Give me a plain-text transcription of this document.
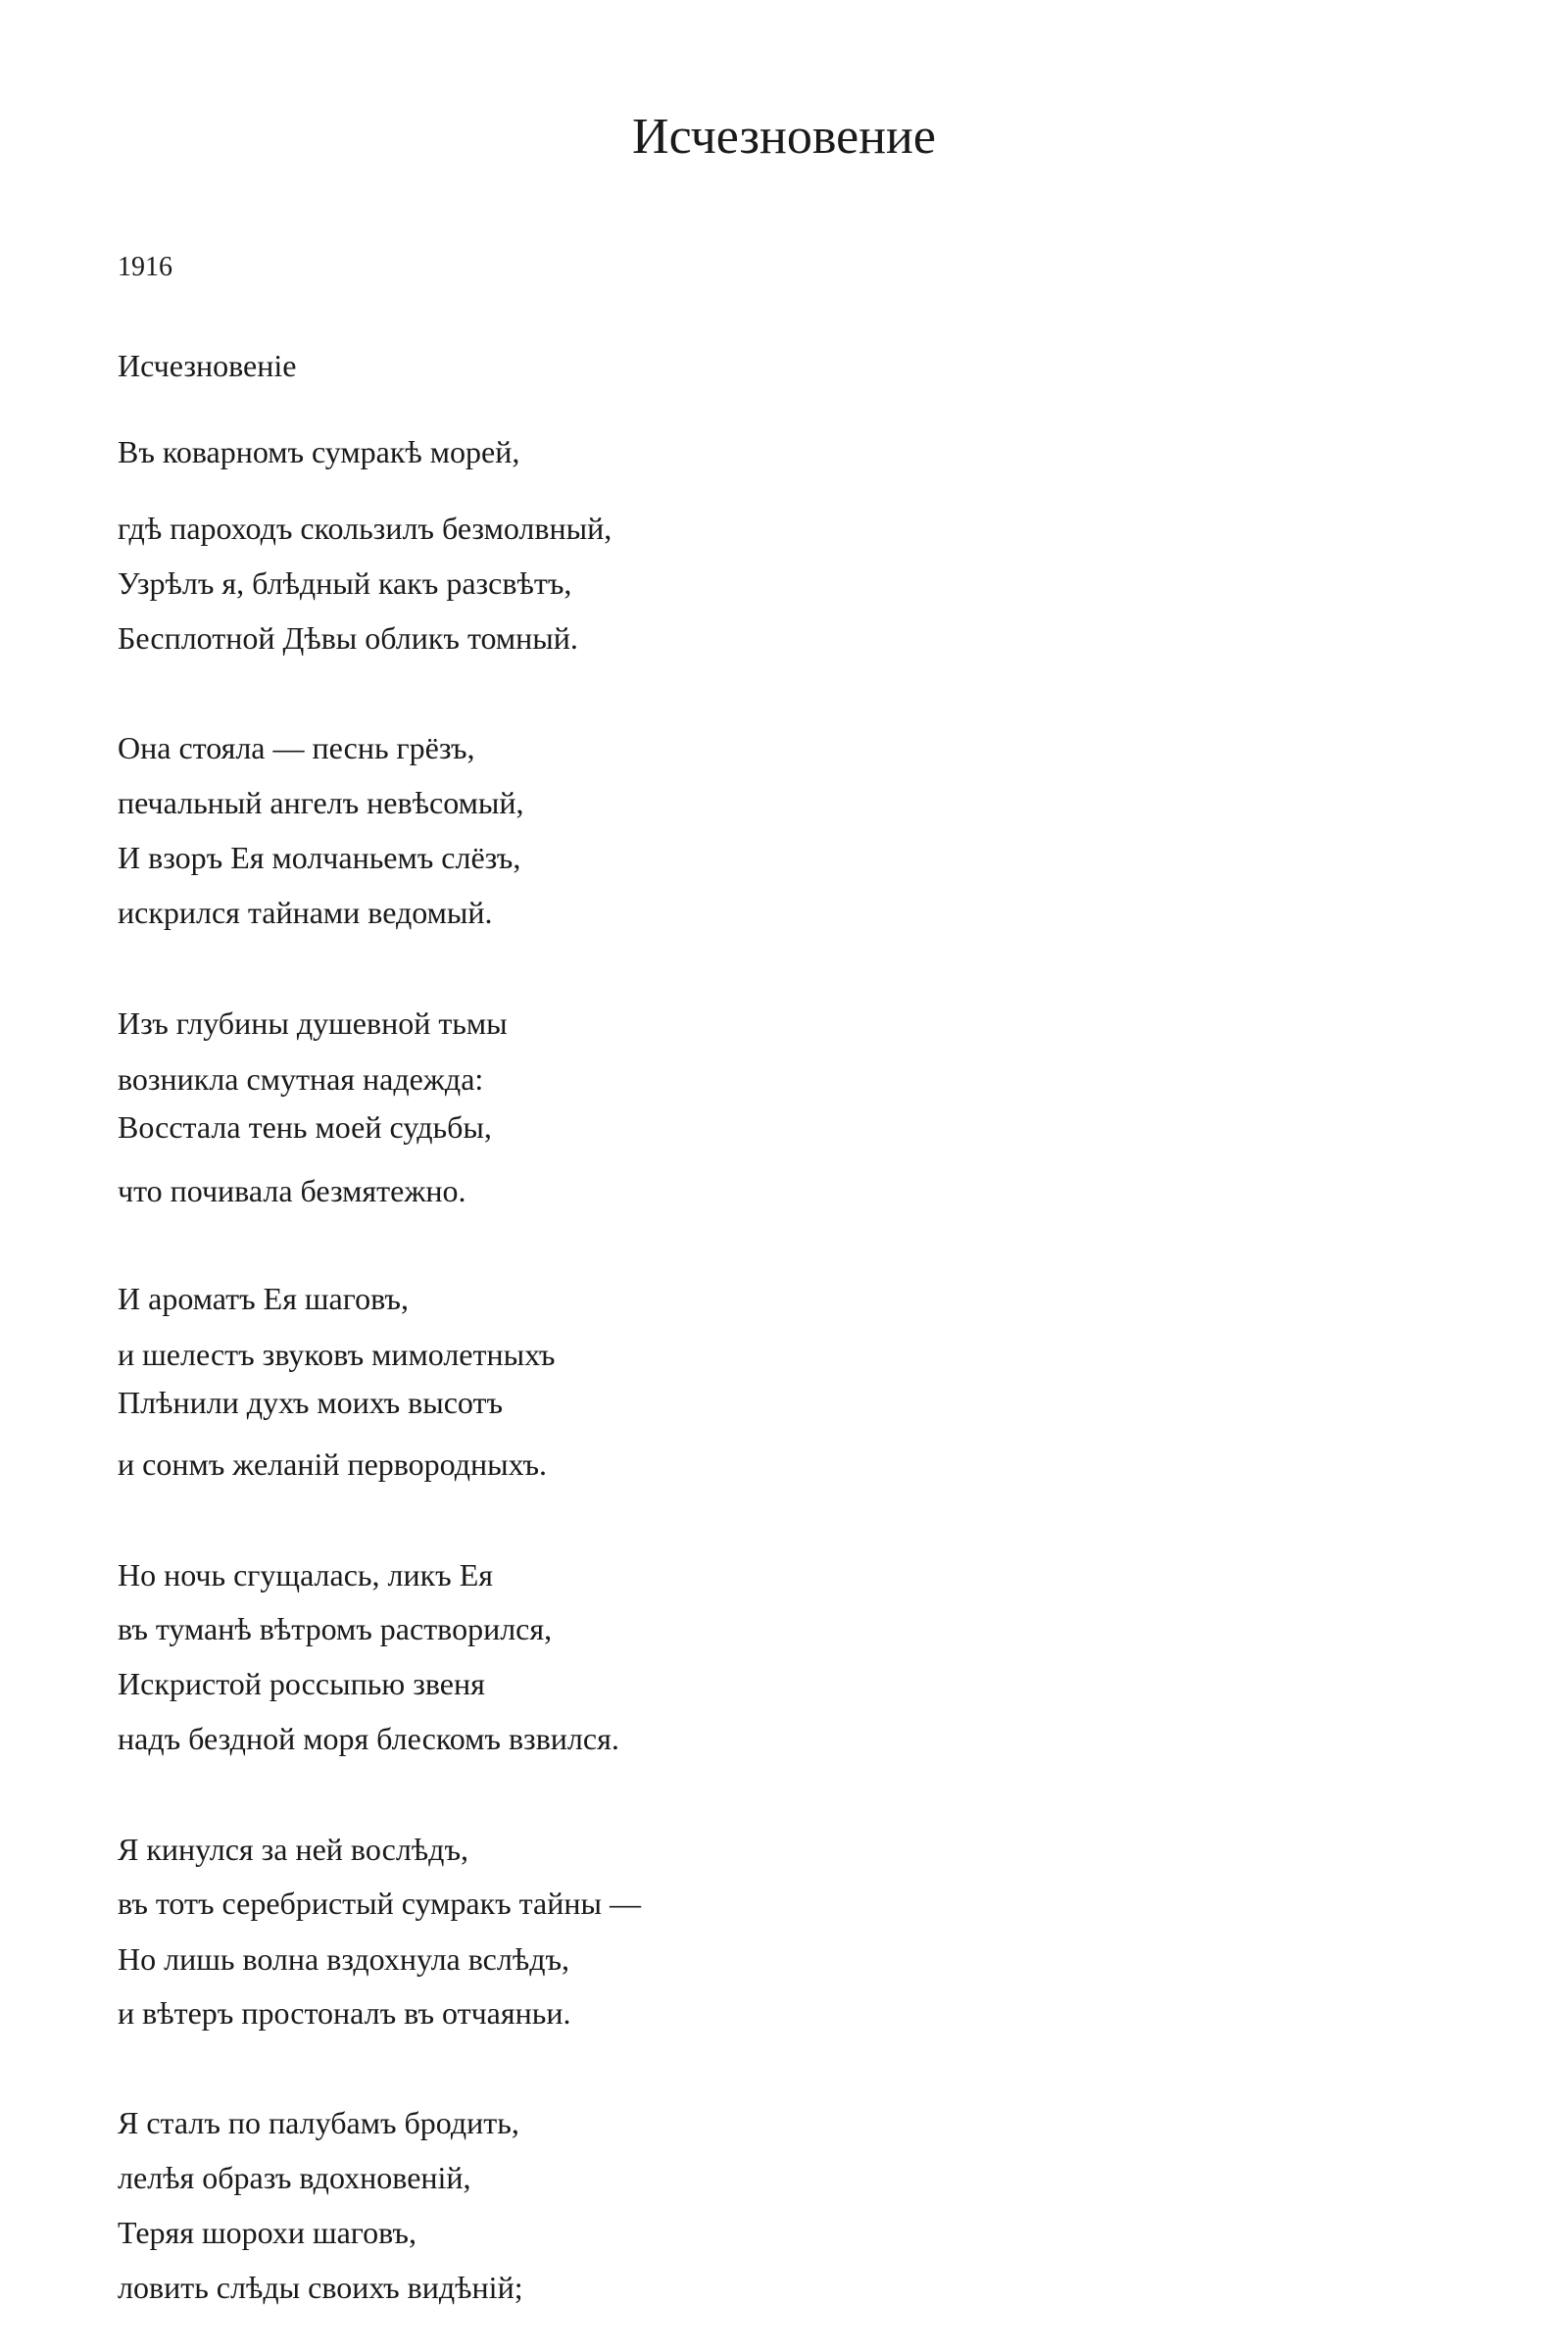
Исчезновение
1916
Исчезновенiе
Въ коварномъ сумракѣ морей,
гдѣ пароходъ скользилъ безмолвный,
Узрѣлъ я, блѣдный какъ разсвѣтъ,
Бесплотной Дѣвы обликъ томный.
Она стояла — песнь грёзъ,
печальный ангелъ невѣсомый,
И взоръ Ея молчаньемъ слёзъ,
искрился тайнами ведомый.
Изъ глубины душевной тьмы
возникла смутная надежда:
Восстала тень моей судьбы,
что почивала безмятежно.
И ароматъ Ея шаговъ,
и шелестъ звуковъ мимолетныхъ
Плѣнили духъ моихъ высотъ
и сонмъ желанiй первородныхъ.
Но ночь сгущалась, ликъ Ея
въ туманѣ вѣтромъ растворился,
Искристой россыпью звеня
надъ бездной моря блескомъ взвился.
Я кинулся за ней вослѣдъ,
въ тотъ серебристый сумракъ тайны —
Но лишь волна вздохнула вслѣдъ,
и вѣтеръ простоналъ въ отчаяньи.
Я сталъ по палубамъ бродить,
лелѣя образъ вдохновенiй,
Теряя шорохи шаговъ,
ловить слѣды своихъ видѣнiй;
